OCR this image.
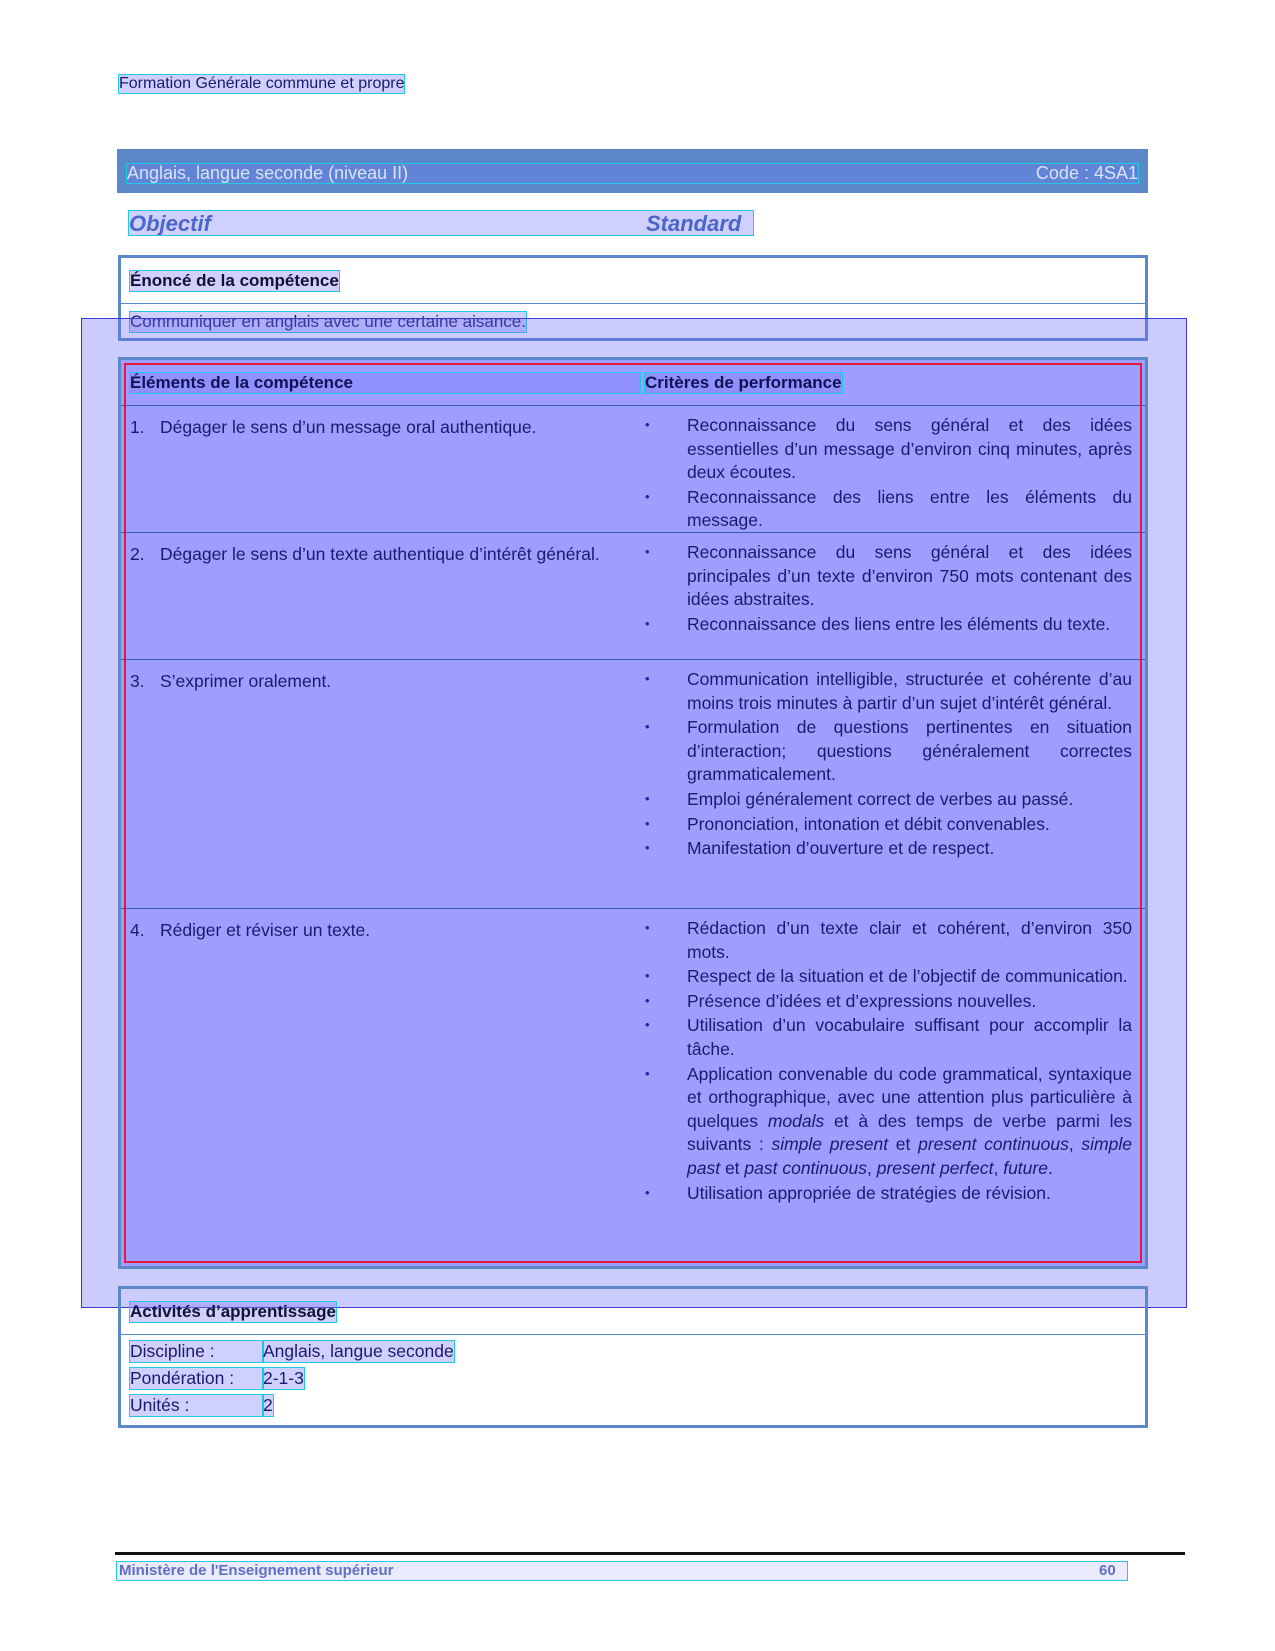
Formation Générale commune et propre
Anglais, langue seconde (niveau II)	Code : 4SA1
Objectif	Standard
Énoncé de la compétence
Communiquer en anglais avec une certaine aisance.
Éléments de la compétence	Critères de performance
1. Dégager le sens d’un message oral authentique.	•	Reconnaissance du sens général et des idées essentielles d’un message d’environ cinq minutes, après deux écoutes.
•	Reconnaissance des liens entre les éléments du message.
2. Dégager le sens d’un texte authentique d’intérêt général.	•	Reconnaissance du sens général et des idées principales d’un texte d’environ 750 mots contenant des idées abstraites.
•	Reconnaissance des liens entre les éléments du texte.
3. S’exprimer oralement.	•	Communication intelligible, structurée et cohérente d’au moins trois minutes à partir d’un sujet d’intérêt général.
•	Formulation de questions pertinentes en situation d’interaction; questions généralement correctes grammaticalement.
•	Emploi généralement correct de verbes au passé.
•	Prononciation, intonation et débit convenables.
•	Manifestation d’ouverture et de respect.
4. Rédiger et réviser un texte.	•	Rédaction d’un texte clair et cohérent, d’environ 350 mots.
•	Respect de la situation et de l’objectif de communication.
•	Présence d’idées et d’expressions nouvelles.
•	Utilisation d’un vocabulaire suffisant pour accomplir la tâche.
•	Application convenable du code grammatical, syntaxique et orthographique, avec une attention plus particulière à quelques modals et à des temps de verbe parmi les suivants : simple present et present continuous, simple past et past continuous, present perfect, future.
•	Utilisation appropriée de stratégies de révision.
Activités d’apprentissage
Discipline :	Anglais, langue seconde
Pondération :	2-1-3
Unités :	2
Ministère de l'Enseignement supérieur	60
